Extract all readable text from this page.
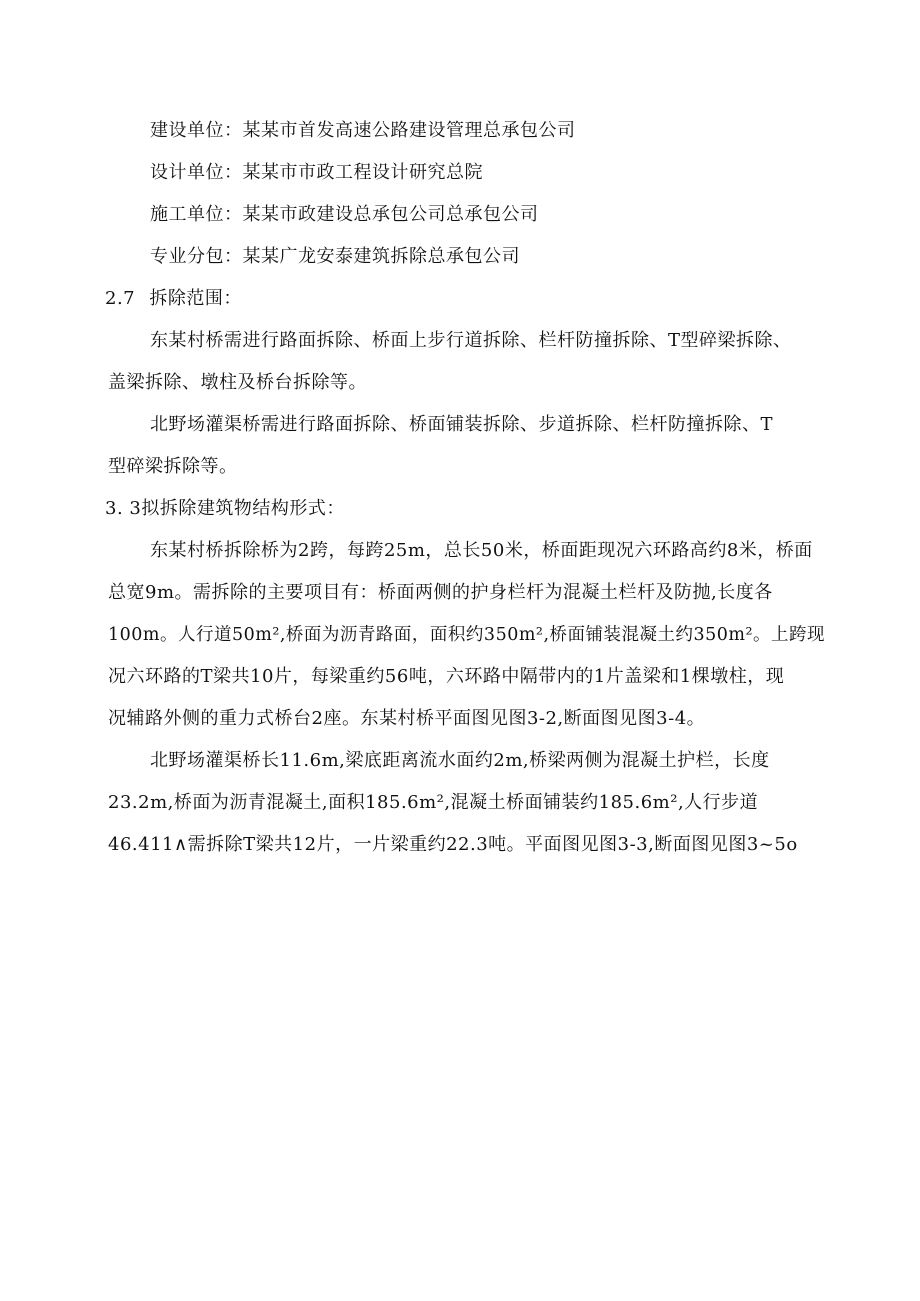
建设单位：某某市首发高速公路建设管理总承包公司
设计单位：某某市市政工程设计研究总院
施工单位：某某市政建设总承包公司总承包公司
专业分包：某某广龙安泰建筑拆除总承包公司
2.7 拆除范围：
东某村桥需进行路面拆除、桥面上步行道拆除、栏杆防撞拆除、T型碎梁拆除、
盖梁拆除、墩柱及桥台拆除等。
北野场灌渠桥需进行路面拆除、桥面铺装拆除、步道拆除、栏杆防撞拆除、T
型碎梁拆除等。
3. 3拟拆除建筑物结构形式：
东某村桥拆除桥为2跨，每跨25m，总长50米，桥面距现况六环路高约8米，桥面
总宽9m。需拆除的主要项目有：桥面两侧的护身栏杆为混凝土栏杆及防抛,长度各
100m。人行道50m²,桥面为沥青路面，面积约350m²,桥面铺装混凝土约350m²。上跨现
况六环路的T梁共10片，每梁重约56吨，六环路中隔带内的1片盖梁和1棵墩柱，现
况辅路外侧的重力式桥台2座。东某村桥平面图见图3-2,断面图见图3-4。
北野场灌渠桥长11.6m,梁底距离流水面约2m,桥梁两侧为混凝土护栏，长度
23.2m,桥面为沥青混凝土,面积185.6m²,混凝土桥面铺装约185.6m²,人行步道
46.411∧需拆除T梁共12片，一片梁重约22.3吨。平面图见图3-3,断面图见图3~5o
